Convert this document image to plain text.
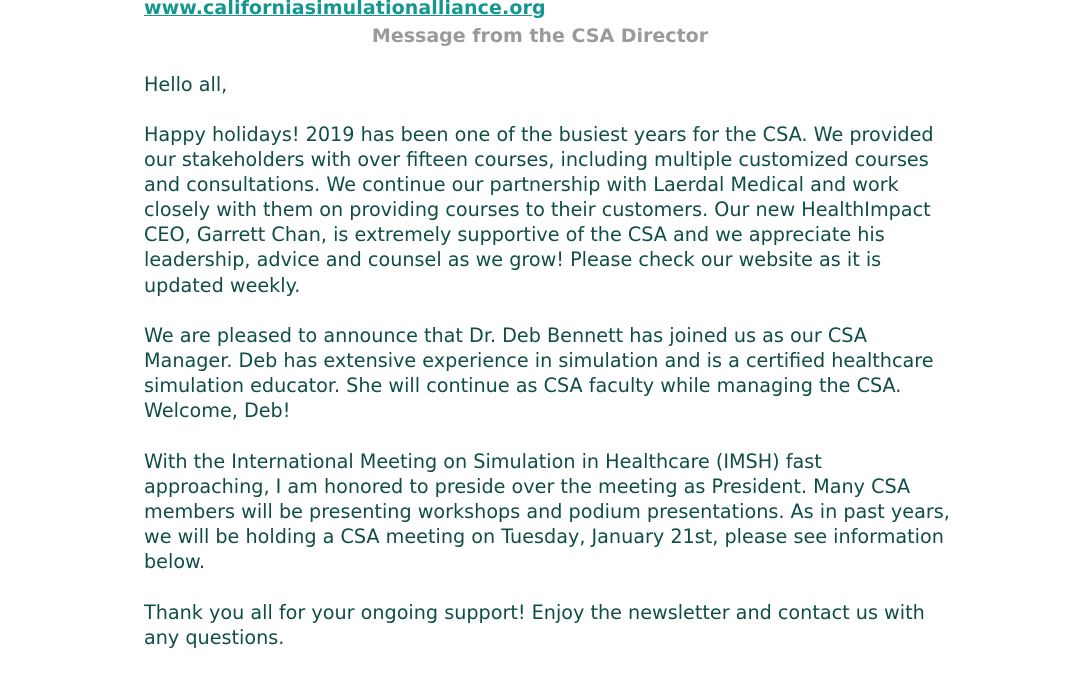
www.californiasimulationalliance.org
Message from the CSA Director
Hello all,
Happy holidays! 2019 has been one of the busiest years for the CSA. We provided
our stakeholders with over fifteen courses, including multiple customized courses
and consultations. We continue our partnership with Laerdal Medical and work
closely with them on providing courses to their customers. Our new HealthImpact
CEO, Garrett Chan, is extremely supportive of the CSA and we appreciate his
leadership, advice and counsel as we grow! Please check our website as it is
updated weekly.
We are pleased to announce that Dr. Deb Bennett has joined us as our CSA
Manager. Deb has extensive experience in simulation and is a certified healthcare
simulation educator. She will continue as CSA faculty while managing the CSA.
Welcome, Deb!
With the International Meeting on Simulation in Healthcare (IMSH) fast
approaching, I am honored to preside over the meeting as President. Many CSA
members will be presenting workshops and podium presentations. As in past years,
we will be holding a CSA meeting on Tuesday, January 21st, please see information
below.
Thank you all for your ongoing support! Enjoy the newsletter and contact us with
any questions.
